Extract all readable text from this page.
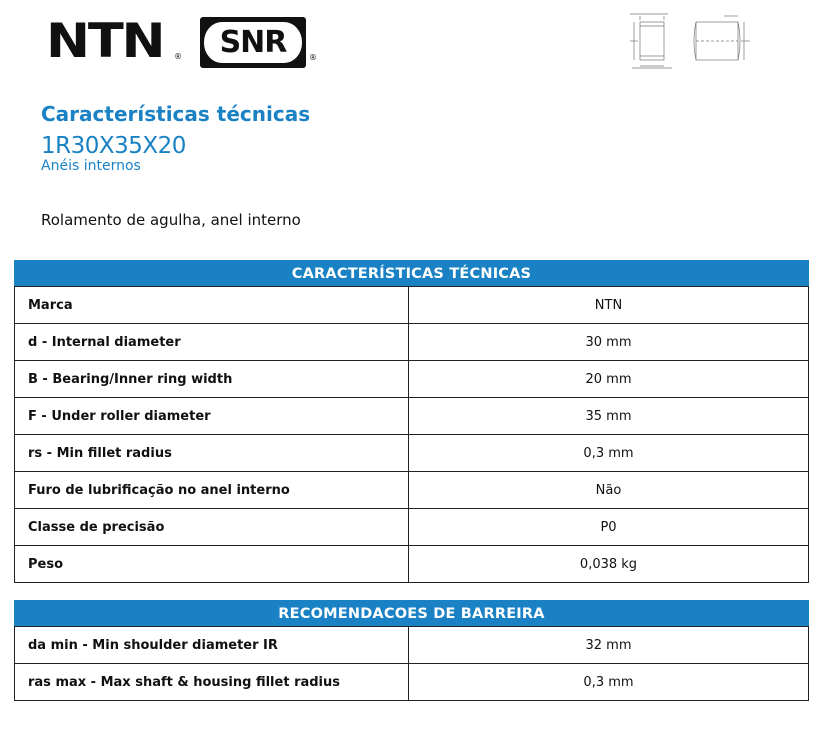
NTN ® SNR	®
Características técnicas
1R30X35X20
Anéis internos
Rolamento de agulha, anel interno
CARACTERÍSTICAS TÉCNICAS
Marca	NTN
d - Internal diameter	30 mm
B - Bearing/Inner ring width	20 mm
F - Under roller diameter	35 mm
rs - Min fillet radius	0,3 mm
Furo de lubrificação no anel interno	Não
Classe de precisão	P0
Peso	0,038 kg
RECOMENDACOES DE BARREIRA
da min - Min shoulder diameter IR	32 mm
ras max - Max shaft & housing fillet radius	0,3 mm
